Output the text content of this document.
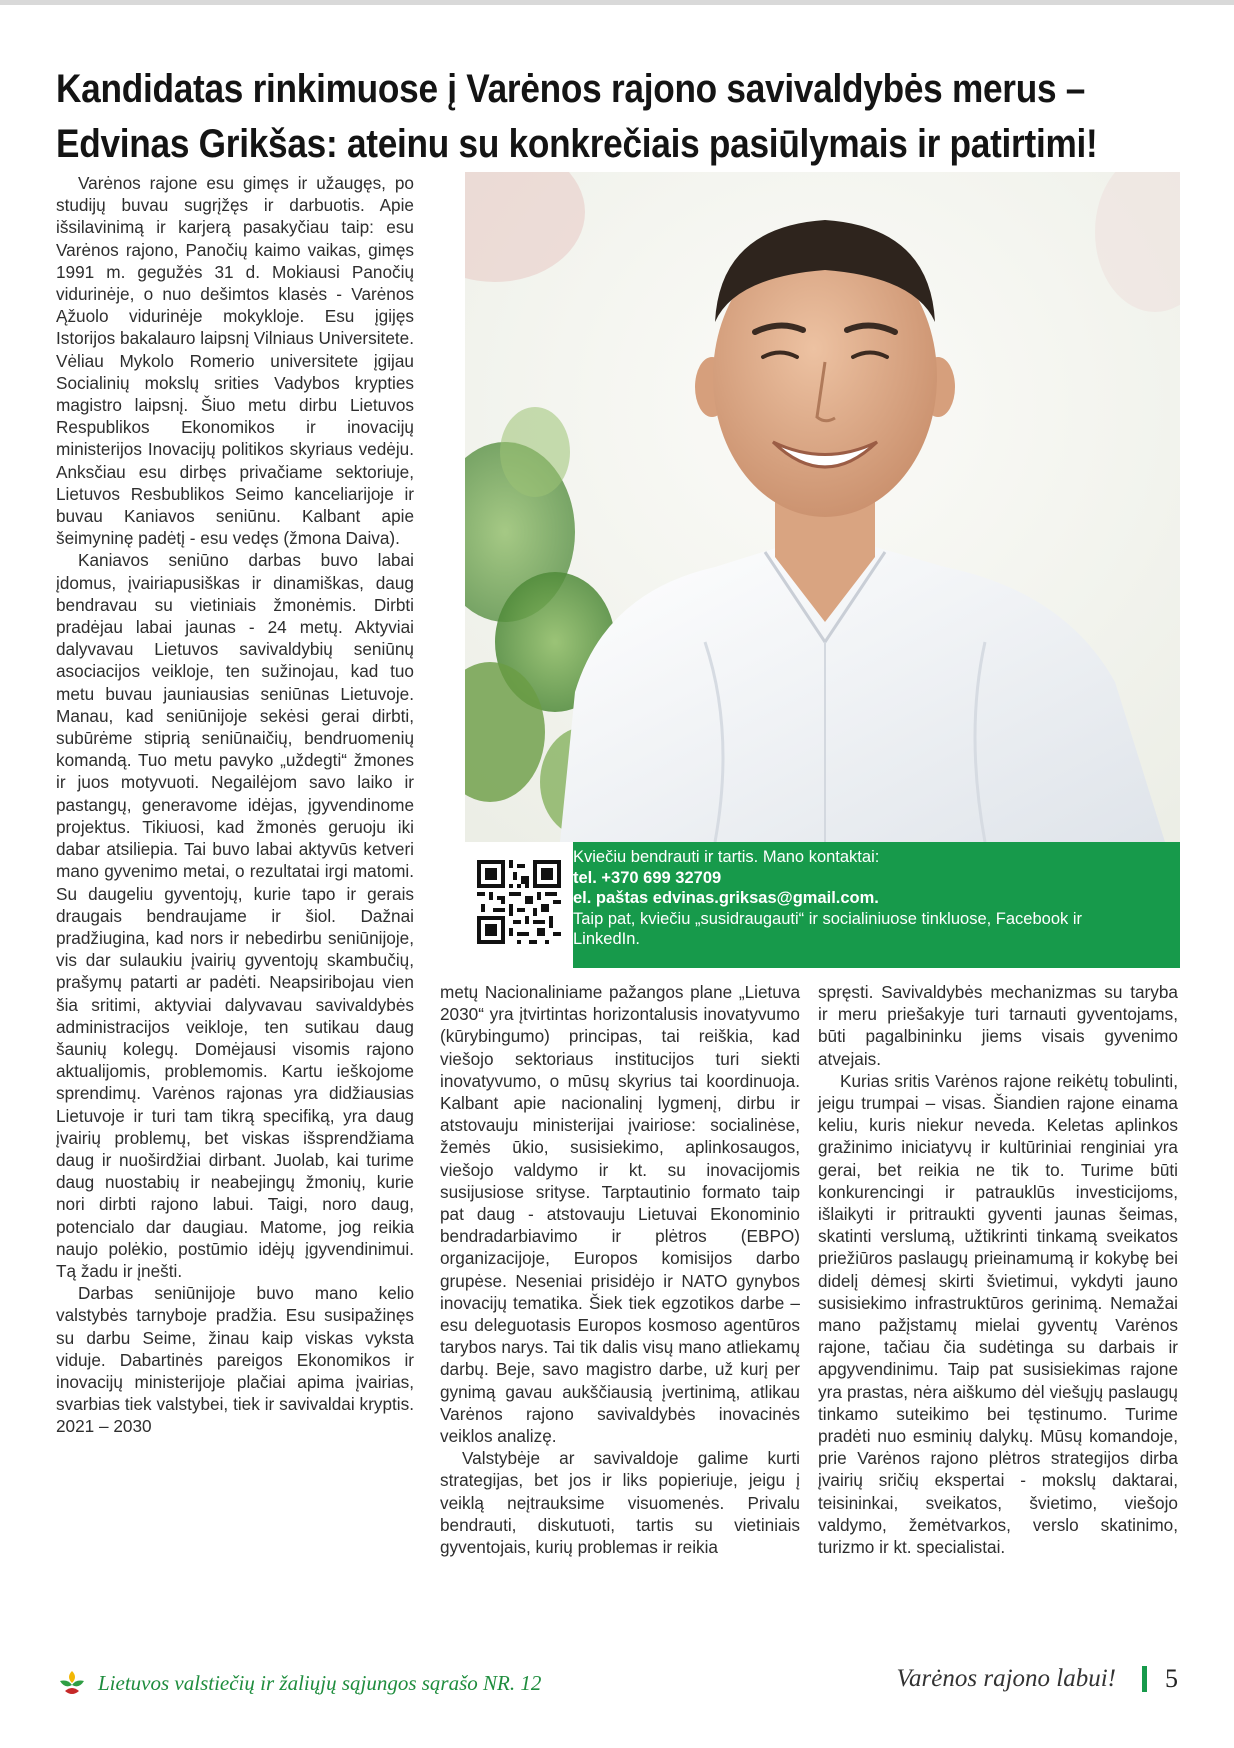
Kandidatas rinkimuose į Varėnos rajono savivaldybės merus –
Edvinas Grikšas: ateinu su konkrečiais pasiūlymais ir patirtimi!

Varėnos rajone esu gimęs ir užaugęs, po studijų buvau sugrįžęs ir darbuotis. Apie išsilavinimą ir karjerą pasakyčiau taip: esu Varėnos rajono, Panočių kaimo vaikas, gimęs 1991 m. gegužės 31 d. Mokiausi Panočių vidurinėje, o nuo dešimtos klasės - Varėnos Ąžuolo vidurinėje mokykloje. Esu įgijęs Istorijos bakalauro laipsnį Vilniaus Universitete. Vėliau Mykolo Romerio universitete įgijau Socialinių mokslų srities Vadybos krypties magistro laipsnį. Šiuo metu dirbu Lietuvos Respublikos Ekonomikos ir inovacijų ministerijos Inovacijų politikos skyriaus vedėju. Anksčiau esu dirbęs privačiame sektoriuje, Lietuvos Resbublikos Seimo kanceliarijoje ir buvau Kaniavos seniūnu. Kalbant apie šeimyninę padėtį - esu vedęs (žmona Daiva).

Kaniavos seniūno darbas buvo labai įdomus, įvairiapusiškas ir dinamiškas, daug bendravau su vietiniais žmonėmis. Dirbti pradėjau labai jaunas - 24 metų. Aktyviai dalyvavau Lietuvos savivaldybių seniūnų asociacijos veikloje, ten sužinojau, kad tuo metu buvau jauniausias seniūnas Lietuvoje. Manau, kad seniūnijoje sekėsi gerai dirbti, subūrėme stiprią seniūnaičių, bendruomenių komandą. Tuo metu pavyko „uždegti“ žmones ir juos motyvuoti. Negailėjom savo laiko ir pastangų, generavome idėjas, įgyvendinome projektus. Tikiuosi, kad žmonės geruoju iki dabar atsiliepia. Tai buvo labai aktyvūs ketveri mano gyvenimo metai, o rezultatai irgi matomi. Su daugeliu gyventojų, kurie tapo ir gerais draugais bendraujame ir šiol. Dažnai pradžiugina, kad nors ir nebedirbu seniūnijoje, vis dar sulaukiu įvairių gyventojų skambučių, prašymų patarti ar padėti. Neapsiribojau vien šia sritimi, aktyviai dalyvavau savivaldybės administracijos veikloje, ten sutikau daug šaunių kolegų. Domėjausi visomis rajono aktualijomis, problemomis. Kartu ieškojome sprendimų. Varėnos rajonas yra didžiausias Lietuvoje ir turi tam tikrą specifiką, yra daug įvairių problemų, bet viskas išsprendžiama daug ir nuoširdžiai dirbant. Juolab, kai turime daug nuostabių ir neabejingų žmonių, kurie nori dirbti rajono labui. Taigi, noro daug, potencialo dar daugiau. Matome, jog reikia naujo polėkio, postūmio idėjų įgyvendinimui. Tą žadu ir įnešti.

Darbas seniūnijoje buvo mano kelio valstybės tarnyboje pradžia. Esu susipažinęs su darbu Seime, žinau kaip viskas vyksta viduje. Dabartinės pareigos Ekonomikos ir inovacijų ministerijoje plačiai apima įvairias, svarbias tiek valstybei, tiek ir savivaldai kryptis. 2021 – 2030

Kviečiu bendrauti ir tartis. Mano kontaktai:
tel. +370 699 32709
el. paštas edvinas.griksas@gmail.com.
Taip pat, kviečiu „susidraugauti“ ir socialiniuose tinkluose, Facebook ir
LinkedIn.

metų Nacionaliniame pažangos plane „Lietuva 2030“ yra įtvirtintas horizontalusis inovatyvumo (kūrybingumo) principas, tai reiškia, kad viešojo sektoriaus institucijos turi siekti inovatyvumo, o mūsų skyrius tai koordinuoja. Kalbant apie nacionalinį lygmenį, dirbu ir atstovauju ministerijai įvairiose: socialinėse, žemės ūkio, susisiekimo, aplinkosaugos, viešojo valdymo ir kt. su inovacijomis susijusiose srityse. Tarptautinio formato taip pat daug - atstovauju Lietuvai Ekonominio bendradarbiavimo ir plėtros (EBPO) organizacijoje, Europos komisijos darbo grupėse. Neseniai prisidėjo ir NATO gynybos inovacijų tematika. Šiek tiek egzotikos darbe – esu deleguotasis Europos kosmoso agentūros tarybos narys. Tai tik dalis visų mano atliekamų darbų. Beje, savo magistro darbe, už kurį per gynimą gavau aukščiausią įvertinimą, atlikau Varėnos rajono savivaldybės inovacinės veiklos analizę.

Valstybėje ar savivaldoje galime kurti strategijas, bet jos ir liks popieriuje, jeigu į veiklą neįtrauksime visuomenės. Privalu bendrauti, diskutuoti, tartis su vietiniais gyventojais, kurių problemas ir reikia

spręsti. Savivaldybės mechanizmas su taryba ir meru priešakyje turi tarnauti gyventojams, būti pagalbininku jiems visais gyvenimo atvejais.

Kurias sritis Varėnos rajone reikėtų tobulinti, jeigu trumpai – visas. Šiandien rajone einama keliu, kuris niekur neveda. Keletas aplinkos gražinimo iniciatyvų ir kultūriniai renginiai yra gerai, bet reikia ne tik to. Turime būti konkurencingi ir patrauklūs investicijoms, išlaikyti ir pritraukti gyventi jaunas šeimas, skatinti verslumą, užtikrinti tinkamą sveikatos priežiūros paslaugų prieinamumą ir kokybę bei didelį dėmesį skirti švietimui, vykdyti jauno susisiekimo infrastruktūros gerinimą. Nemažai mano pažįstamų mielai gyventų Varėnos rajone, tačiau čia sudėtinga su darbais ir apgyvendinimu. Taip pat susisiekimas rajone yra prastas, nėra aiškumo dėl viešųjų paslaugų tinkamo suteikimo bei tęstinumo. Turime pradėti nuo esminių dalykų. Mūsų komandoje, prie Varėnos rajono plėtros strategijos dirba įvairių sričių ekspertai - mokslų daktarai, teisininkai, sveikatos, švietimo, viešojo valdymo, žemėtvarkos, verslo skatinimo, turizmo ir kt. specialistai.

Lietuvos valstiečių ir žaliųjų sąjungos sąrašo NR. 12	Varėnos rajono labui! 5
